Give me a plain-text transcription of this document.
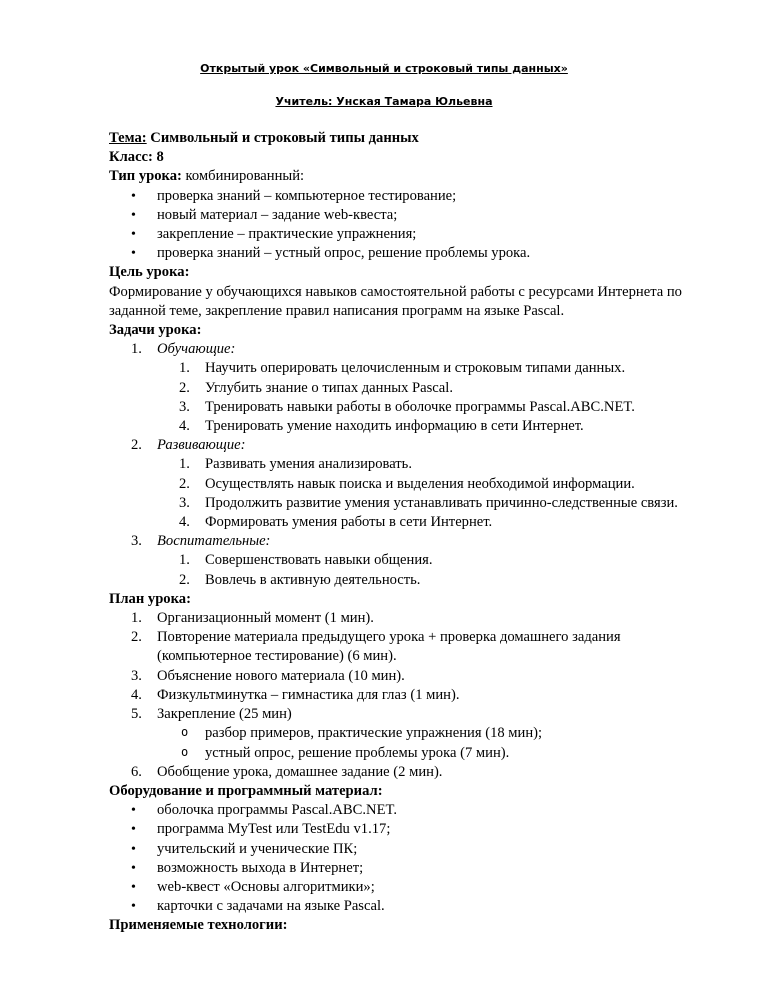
Открытый урок «Символьный и строковый типы данных»
Учитель: Унская Тамара Юльевна

Тема: Символьный и строковый типы данных

Класс: 8

Тип урока: комбинированный:

• проверка знаний – компьютерное тестирование;
• новый материал – задание web-квеста;
• закрепление – практические упражнения;
• проверка знаний – устный опрос, решение проблемы урока.

Цель урока:

Формирование у обучающихся навыков самостоятельной работы с ресурсами Интернета по заданной теме, закрепление правил написания программ на языке Pascal.

Задачи урока:

1.	Обучающие:
1.	Научить оперировать целочисленным и строковым типами данных.
2.	Углубить знание о типах данных Pascal.
3.	Тренировать навыки работы в оболочке программы Pascal.ABC.NET.
4.	Тренировать умение находить информацию в сети Интернет.
2.	Развивающие:
1.	Развивать умения анализировать.
2.	Осуществлять навык поиска и выделения необходимой информации.
3.	Продолжить развитие умения устанавливать причинно-следственные связи.
4.	Формировать умения работы в сети Интернет.
3.	Воспитательные:
1.	Совершенствовать навыки общения.
2.	Вовлечь в активную деятельность.

План урока:

1.	Организационный момент (1 мин).
2.	Повторение материала предыдущего урока + проверка домашнего задания (компьютерное тестирование) (6 мин).
3.	Объяснение нового материала (10 мин).
4.	Физкультминутка – гимнастика для глаз (1 мин).
5.	Закрепление (25 мин)
o разбор примеров, практические упражнения (18 мин);
o устный опрос, решение проблемы урока (7 мин).
6.	Обобщение урока, домашнее задание (2 мин).

Оборудование и программный материал:

• оболочка программы Pascal.ABC.NET.
• программа MyTest или TestEdu v1.17;
• учительский и ученические ПК;
• возможность выхода в Интернет;
• web-квест «Основы алгоритмики»;
• карточки с задачами на языке Pascal.

Применяемые технологии:
